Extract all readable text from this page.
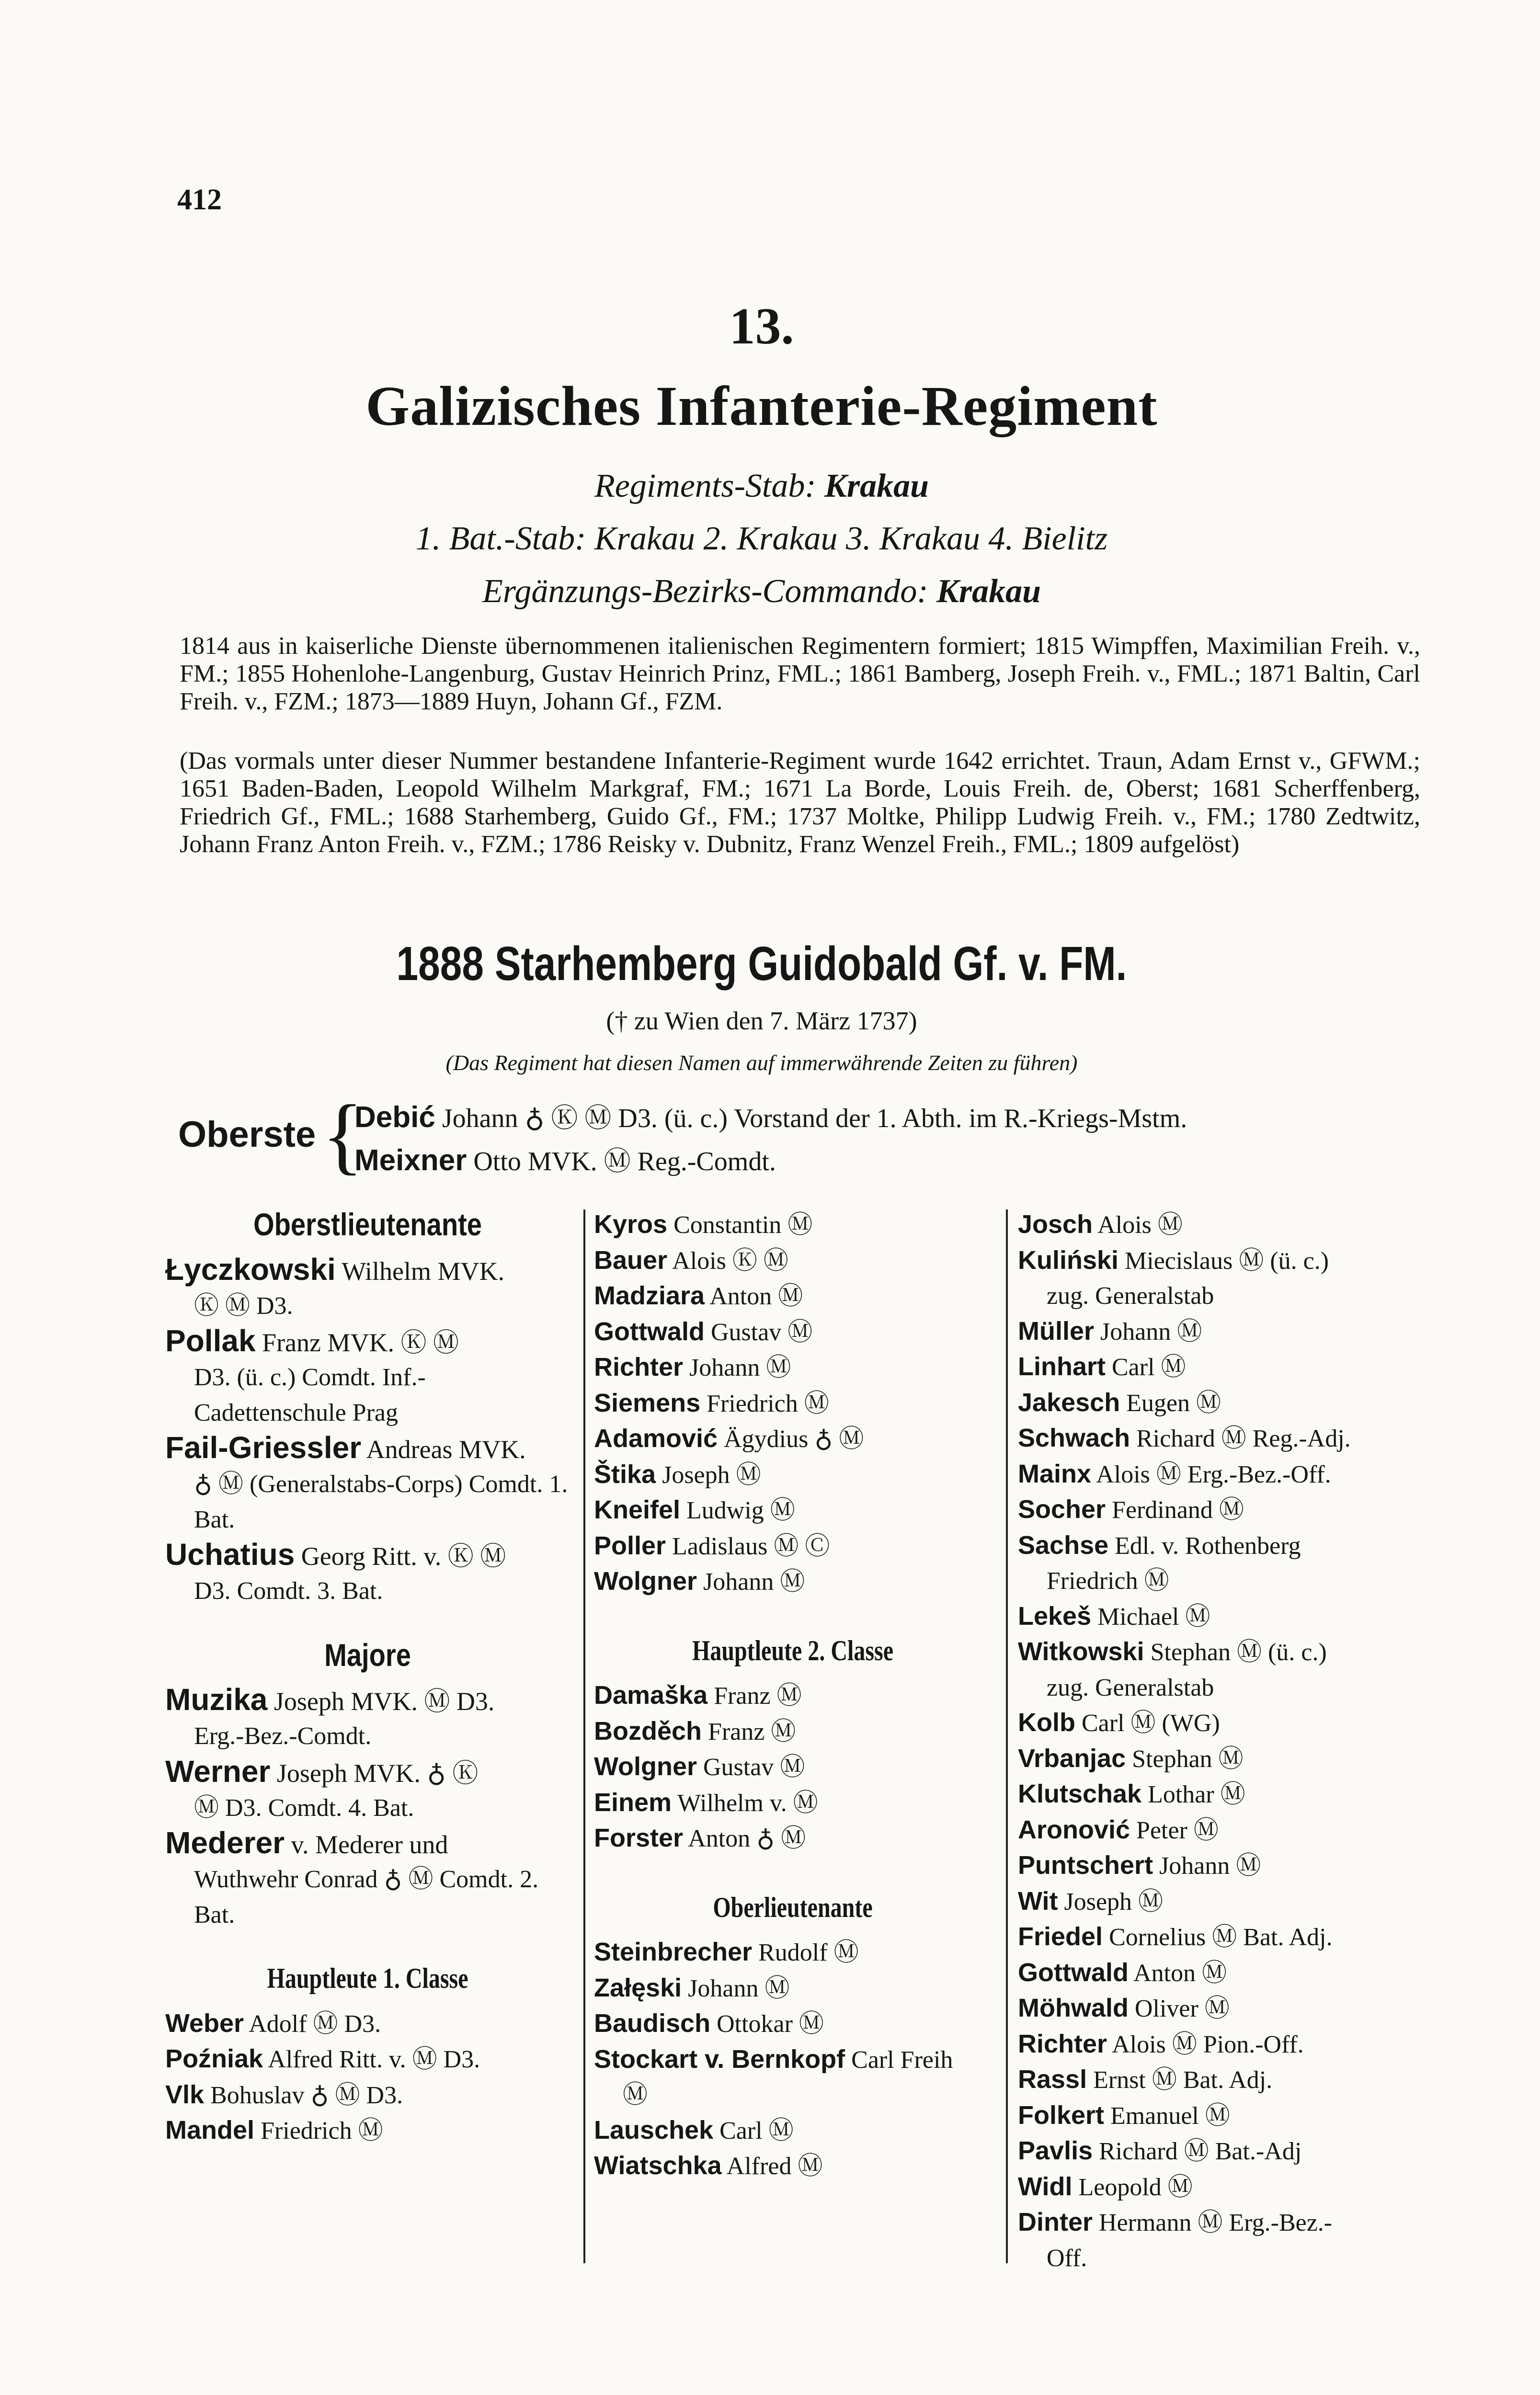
412
13.
Galizisches Infanterie-Regiment
Regiments-Stab: Krakau
1. Bat.-Stab: Krakau 2. Krakau 3. Krakau 4. Bielitz
Ergänzungs-Bezirks-Commando: Krakau

1814 aus in kaiserliche Dienste übernommenen italienischen Regimentern formiert; 1815 Wimpffen, Maximilian Freih. v., FM.; 1855 Hohenlohe-Langenburg, Gustav Heinrich Prinz, FML.; 1861 Bamberg, Joseph Freih. v., FML.; 1871 Baltin, Carl Freih. v., FZM.; 1873—1889 Huyn, Johann Gf., FZM.

(Das vormals unter dieser Nummer bestandene Infanterie-Regiment wurde 1642 errichtet. Traun, Adam Ernst v., GFWM.; 1651 Baden-Baden, Leopold Wilhelm Markgraf, FM.; 1671 La Borde, Louis Freih. de, Oberst; 1681 Scherffenberg, Friedrich Gf., FML.; 1688 Starhemberg, Guido Gf., FM.; 1737 Moltke, Philipp Ludwig Freih. v., FM.; 1780 Zedtwitz, Johann Franz Anton Freih. v., FZM.; 1786 Reisky v. Dubnitz, Franz Wenzel Freih., FML.; 1809 aufgelöst)

1888 Starhemberg Guidobald Gf. v. FM.
(† zu Wien den 7. März 1737)
(Das Regiment hat diesen Namen auf immerwährende Zeiten zu führen)
Oberste {
Debić Johann ♁ Ⓚ Ⓜ D3. (ü. c.) Vorstand der 1. Abth. im R.-Kriegs-Mstm.
Meixner Otto MVK. Ⓜ Reg.-Comdt.
Oberstlieutenante
Łyczkowski Wilhelm MVK.
Ⓚ Ⓜ D3.
Pollak Franz MVK. Ⓚ Ⓜ
D3. (ü. c.) Comdt. Inf.-Cadettenschule Prag
Fail-Griessler Andreas MVK.
♁ Ⓜ (Generalstabs-Corps) Comdt. 1. Bat.
Uchatius Georg Ritt. v. Ⓚ Ⓜ
D3. Comdt. 3. Bat.
Majore
Muzika Joseph MVK. Ⓜ D3.
Erg.-Bez.-Comdt.
Werner Joseph MVK. ♁ Ⓚ
Ⓜ D3. Comdt. 4. Bat.
Mederer v. Mederer und
Wuthwehr Conrad ♁ Ⓜ Comdt. 2. Bat.
Hauptleute 1. Classe
Weber Adolf Ⓜ D3.
Poźniak Alfred Ritt. v. Ⓜ D3.
Vlk Bohuslav ♁ Ⓜ D3.
Mandel Friedrich Ⓜ
Kyros Constantin Ⓜ
Bauer Alois Ⓚ Ⓜ
Madziara Anton Ⓜ
Gottwald Gustav Ⓜ
Richter Johann Ⓜ
Siemens Friedrich Ⓜ
Adamović Ägydius ♁ Ⓜ
Štika Joseph Ⓜ
Kneifel Ludwig Ⓜ
Poller Ladislaus Ⓜ Ⓒ
Wolgner Johann Ⓜ
Hauptleute 2. Classe
Damaška Franz Ⓜ
Bozděch Franz Ⓜ
Wolgner Gustav Ⓜ
Einem Wilhelm v. Ⓜ
Forster Anton ♁ Ⓜ
Oberlieutenante
Steinbrecher Rudolf Ⓜ
Załęski Johann Ⓜ
Baudisch Ottokar Ⓜ
Stockart v. Bernkopf Carl Freih
Ⓜ
Lauschek Carl Ⓜ
Wiatschka Alfred Ⓜ
Josch Alois Ⓜ
Kuliński Miecislaus Ⓜ (ü. c.)
zug. Generalstab
Müller Johann Ⓜ
Linhart Carl Ⓜ
Jakesch Eugen Ⓜ
Schwach Richard Ⓜ Reg.-Adj.
Mainx Alois Ⓜ Erg.-Bez.-Off.
Socher Ferdinand Ⓜ
Sachse Edl. v. Rothenberg
Friedrich Ⓜ
Lekeš Michael Ⓜ
Witkowski Stephan Ⓜ (ü. c.)
zug. Generalstab
Kolb Carl Ⓜ (WG)
Vrbanjac Stephan Ⓜ
Klutschak Lothar Ⓜ
Aronović Peter Ⓜ
Puntschert Johann Ⓜ
Wit Joseph Ⓜ
Friedel Cornelius Ⓜ Bat. Adj.
Gottwald Anton Ⓜ
Möhwald Oliver Ⓜ
Richter Alois Ⓜ Pion.-Off.
Rassl Ernst Ⓜ Bat. Adj.
Folkert Emanuel Ⓜ
Pavlis Richard Ⓜ Bat.-Adj
Widl Leopold Ⓜ
Dinter Hermann Ⓜ Erg.-Bez.-
Off.
